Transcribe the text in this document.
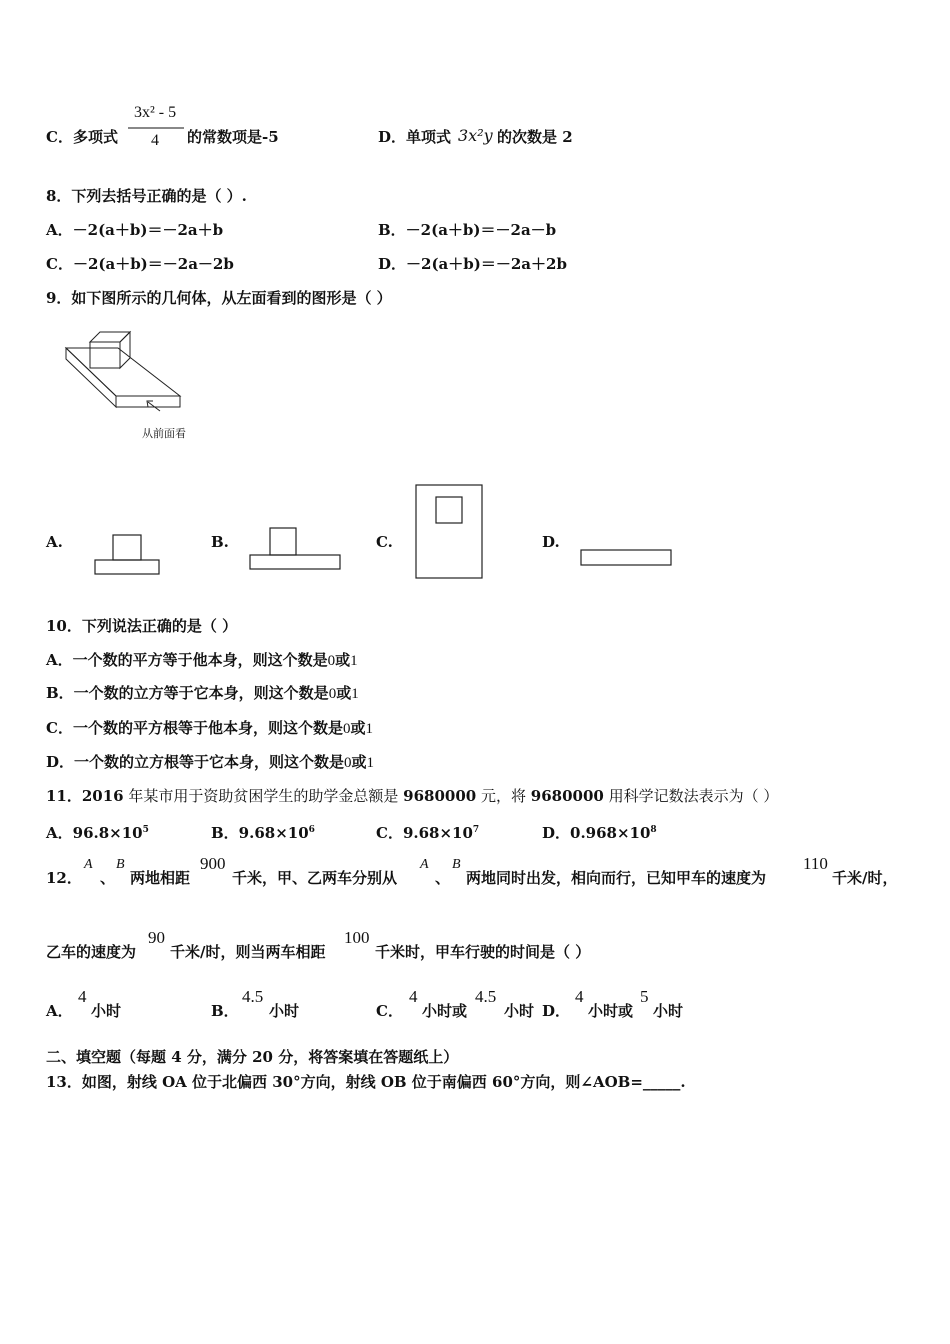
C．多项式
3x² - 5
4	的常数项是-5	D．单项式 3x²y 的次数是 2
8．下列去括号正确的是（ ）.
A．－2(a＋b)＝－2a＋b	B．－2(a＋b)＝－2a－b
C．－2(a＋b)＝－2a－2b	D．－2(a＋b)＝－2a＋2b
9．如下图所示的几何体，从左面看到的图形是（ ）
从前面看
A.	B.	C.	D.
10．下列说法正确的是（ ）
A．一个数的平方等于他本身，则这个数是0或1
B．一个数的立方等于它本身，则这个数是0或1
C．一个数的平方根等于他本身，则这个数是0或1
D．一个数的立方根等于它本身，则这个数是0或1
11．2016 年某市用于资助贫困学生的助学金总额是 9680000 元，将 9680000 用科学记数法表示为（ ）
A．$96.8\times 10^5$	B．$9.68\times 10^6$	C．$9.68\times 10^7$	D．$0.968\times 10^8$
12．
A
、
B
两地相距
900
千米，甲、乙两车分别从
A
、
B
两地同时出发，相向而行，已知甲车的速度为
110
千米/时，
乙车的速度为
90
千米/时，则当两车相距
100
千米时，甲车行驶的时间是（ ）
A．
4
小时	B．
4.5
小时	C．
4
小时或
4.5
小时 D．
4
小时或
5
小时
二、填空题（每题 4 分，满分 20 分，将答案填在答题纸上）
13．如图，射线 OA 位于北偏西 30°方向，射线 OB 位于南偏西 60°方向，则∠AOB=_____.
